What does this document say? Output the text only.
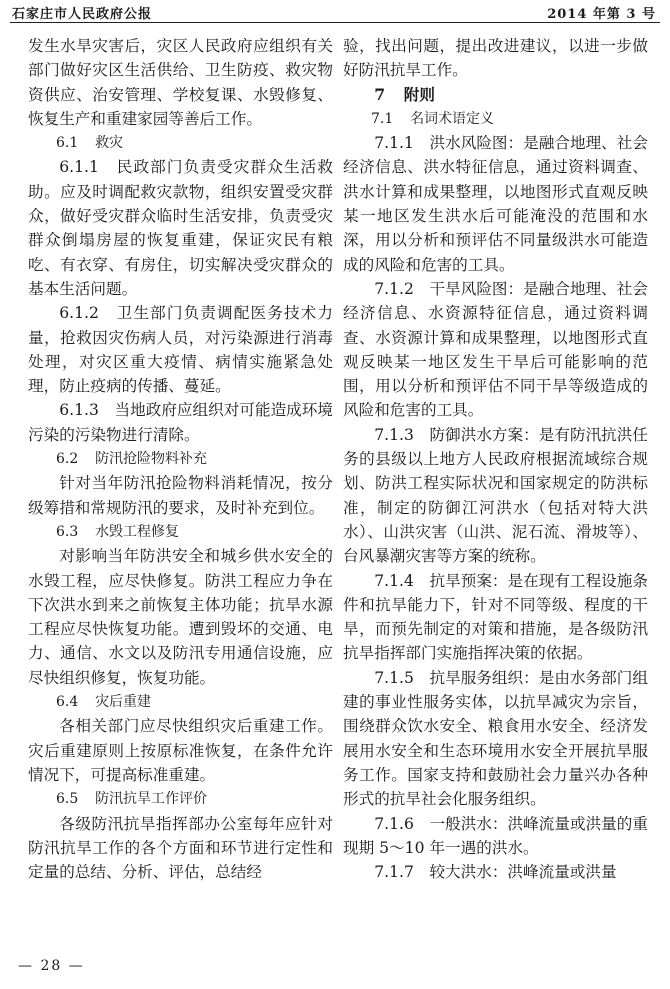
石家庄市人民政府公报	2014 年第 3 号

发生水旱灾害后，灾区人民政府应组织有关部门做好灾区生活供给、卫生防疫、救灾物资供应、治安管理、学校复课、水毁修复、恢复生产和重建家园等善后工作。

6.1 救灾

6.1.1　民政部门负责受灾群众生活救助。应及时调配救灾款物，组织安置受灾群众，做好受灾群众临时生活安排，负责受灾群众倒塌房屋的恢复重建，保证灾民有粮吃、有衣穿、有房住，切实解决受灾群众的基本生活问题。

6.1.2　卫生部门负责调配医务技术力量，抢救因灾伤病人员，对污染源进行消毒处理，对灾区重大疫情、病情实施紧急处理，防止疫病的传播、蔓延。

6.1.3　当地政府应组织对可能造成环境污染的污染物进行清除。

6.2 防汛抢险物料补充

针对当年防汛抢险物料消耗情况，按分级筹措和常规防汛的要求，及时补充到位。

6.3 水毁工程修复

对影响当年防洪安全和城乡供水安全的水毁工程，应尽快修复。防洪工程应力争在下次洪水到来之前恢复主体功能；抗旱水源工程应尽快恢复功能。遭到毁坏的交通、电力、通信、水文以及防汛专用通信设施，应尽快组织修复，恢复功能。

6.4 灾后重建

各相关部门应尽快组织灾后重建工作。灾后重建原则上按原标准恢复，在条件允许情况下，可提高标准重建。

6.5 防汛抗旱工作评价

各级防汛抗旱指挥部办公室每年应针对防汛抗旱工作的各个方面和环节进行定性和定量的总结、分析、评估，总结经

验，找出问题，提出改进建议，以进一步做好防汛抗旱工作。

7 附则

7.1 名词术语定义

7.1.1　洪水风险图：是融合地理、社会经济信息、洪水特征信息，通过资料调查、洪水计算和成果整理，以地图形式直观反映某一地区发生洪水后可能淹没的范围和水深，用以分析和预评估不同量级洪水可能造成的风险和危害的工具。

7.1.2　干旱风险图：是融合地理、社会经济信息、水资源特征信息，通过资料调查、水资源计算和成果整理，以地图形式直观反映某一地区发生干旱后可能影响的范围，用以分析和预评估不同干旱等级造成的风险和危害的工具。

7.1.3　防御洪水方案：是有防汛抗洪任务的县级以上地方人民政府根据流域综合规划、防洪工程实际状况和国家规定的防洪标准，制定的防御江河洪水（包括对特大洪水）、山洪灾害（山洪、泥石流、滑坡等）、台风暴潮灾害等方案的统称。

7.1.4　抗旱预案：是在现有工程设施条件和抗旱能力下，针对不同等级、程度的干旱，而预先制定的对策和措施，是各级防汛抗旱指挥部门实施指挥决策的依据。

7.1.5　抗旱服务组织：是由水务部门组建的事业性服务实体，以抗旱减灾为宗旨，围绕群众饮水安全、粮食用水安全、经济发展用水安全和生态环境用水安全开展抗旱服务工作。国家支持和鼓励社会力量兴办各种形式的抗旱社会化服务组织。

7.1.6　一般洪水：洪峰流量或洪量的重现期 5～10 年一遇的洪水。

7.1.7　较大洪水：洪峰流量或洪量

— 28 —
